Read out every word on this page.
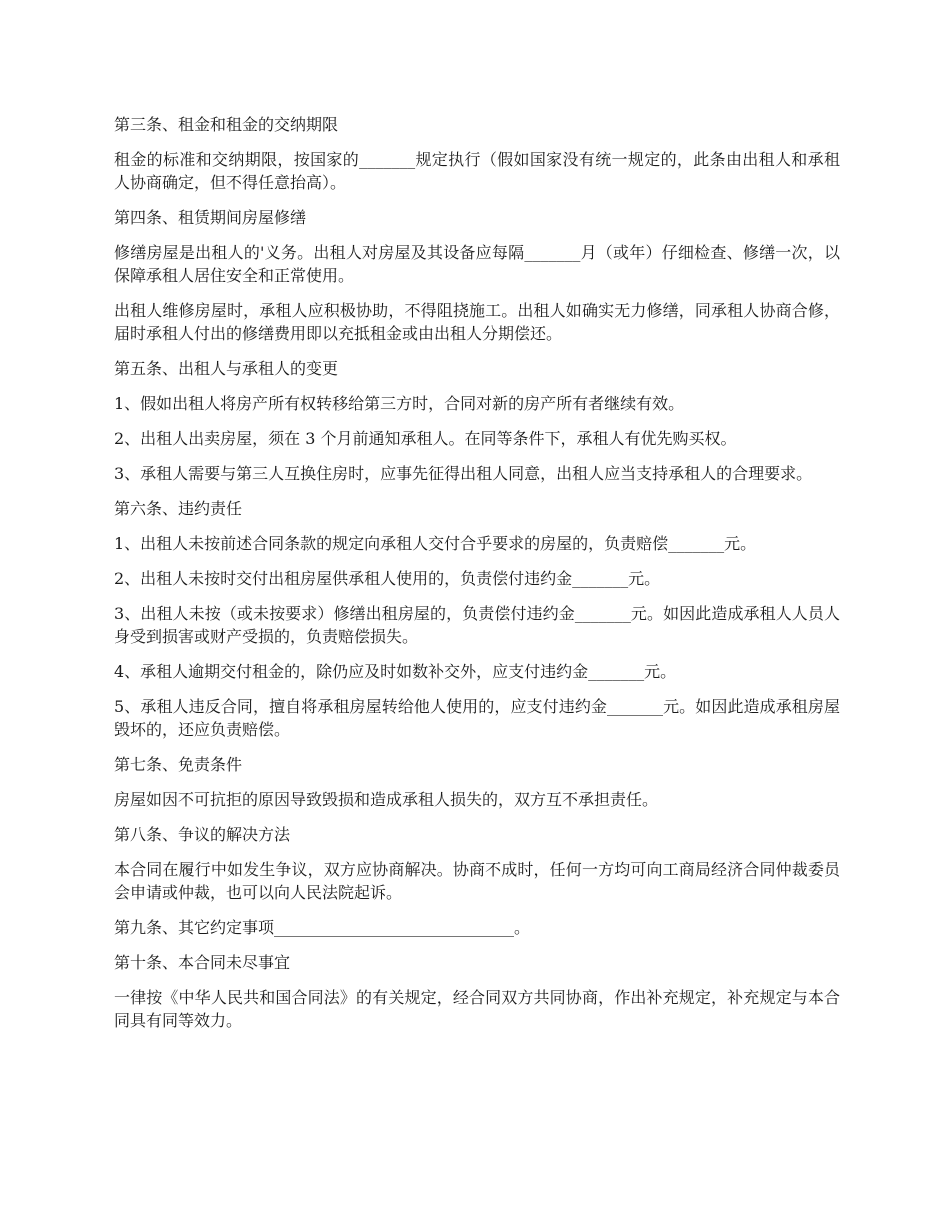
第三条、租金和租金的交纳期限

租金的标准和交纳期限，按国家的_______规定执行（假如国家没有统一规定的，此条由出租人和承租人协商确定，但不得任意抬高）。

第四条、租赁期间房屋修缮

修缮房屋是出租人的'义务。出租人对房屋及其设备应每隔_______月（或年）仔细检查、修缮一次，以保障承租人居住安全和正常使用。

出租人维修房屋时，承租人应积极协助，不得阻挠施工。出租人如确实无力修缮，同承租人协商合修，届时承租人付出的修缮费用即以充抵租金或由出租人分期偿还。

第五条、出租人与承租人的变更

1、假如出租人将房产所有权转移给第三方时，合同对新的房产所有者继续有效。

2、出租人出卖房屋，须在 3 个月前通知承租人。在同等条件下，承租人有优先购买权。

3、承租人需要与第三人互换住房时，应事先征得出租人同意，出租人应当支持承租人的合理要求。

第六条、违约责任

1、出租人未按前述合同条款的规定向承租人交付合乎要求的房屋的，负责赔偿_______元。

2、出租人未按时交付出租房屋供承租人使用的，负责偿付违约金_______元。

3、出租人未按（或未按要求）修缮出租房屋的，负责偿付违约金_______元。如因此造成承租人人员人身受到损害或财产受损的，负责赔偿损失。

4、承租人逾期交付租金的，除仍应及时如数补交外，应支付违约金_______元。

5、承租人违反合同，擅自将承租房屋转给他人使用的，应支付违约金_______元。如因此造成承租房屋毁坏的，还应负责赔偿。

第七条、免责条件

房屋如因不可抗拒的原因导致毁损和造成承租人损失的，双方互不承担责任。

第八条、争议的解决方法

本合同在履行中如发生争议，双方应协商解决。协商不成时，任何一方均可向工商局经济合同仲裁委员会申请或仲裁，也可以向人民法院起诉。

第九条、其它约定事项______________________________。

第十条、本合同未尽事宜

一律按《中华人民共和国合同法》的有关规定，经合同双方共同协商，作出补充规定，补充规定与本合同具有同等效力。
